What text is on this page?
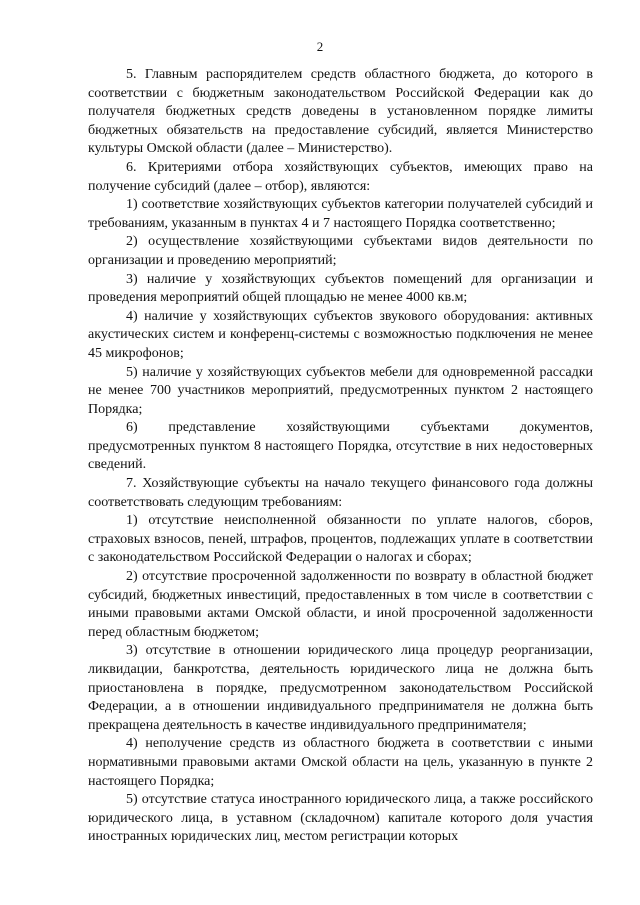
2

5. Главным распорядителем средств областного бюджета, до которого в соответствии с бюджетным законодательством Российской Федерации как до получателя бюджетных средств доведены в установленном порядке лимиты бюджетных обязательств на предоставление субсидий, является Министерство культуры Омской области (далее – Министерство).

6. Критериями отбора хозяйствующих субъектов, имеющих право на получение субсидий (далее – отбор), являются:

1) соответствие хозяйствующих субъектов категории получателей субсидий и требованиям, указанным в пунктах 4 и 7 настоящего Порядка соответственно;

2) осуществление хозяйствующими субъектами видов деятельности по организации и проведению мероприятий;

3) наличие у хозяйствующих субъектов помещений для организации и проведения мероприятий общей площадью не менее 4000 кв.м;

4) наличие у хозяйствующих субъектов звукового оборудования: активных акустических систем и конференц-системы с возможностью подключения не менее 45 микрофонов;

5) наличие у хозяйствующих субъектов мебели для одновременной рассадки не менее 700 участников мероприятий, предусмотренных пунктом 2 настоящего Порядка;

6) представление хозяйствующими субъектами документов, предусмотренных пунктом 8 настоящего Порядка, отсутствие в них недостоверных сведений.

7. Хозяйствующие субъекты на начало текущего финансового года должны соответствовать следующим требованиям:

1) отсутствие неисполненной обязанности по уплате налогов, сборов, страховых взносов, пеней, штрафов, процентов, подлежащих уплате в соответствии с законодательством Российской Федерации о налогах и сборах;

2) отсутствие просроченной задолженности по возврату в областной бюджет субсидий, бюджетных инвестиций, предоставленных в том числе в соответствии с иными правовыми актами Омской области, и иной просроченной задолженности перед областным бюджетом;

3) отсутствие в отношении юридического лица процедур реорганизации, ликвидации, банкротства, деятельность юридического лица не должна быть приостановлена в порядке, предусмотренном законодательством Российской Федерации, а в отношении индивидуального предпринимателя не должна быть прекращена деятельность в качестве индивидуального предпринимателя;

4) неполучение средств из областного бюджета в соответствии с иными нормативными правовыми актами Омской области на цель, указанную в пункте 2 настоящего Порядка;

5) отсутствие статуса иностранного юридического лица, а также российского юридического лица, в уставном (складочном) капитале которого доля участия иностранных юридических лиц, местом регистрации которых
